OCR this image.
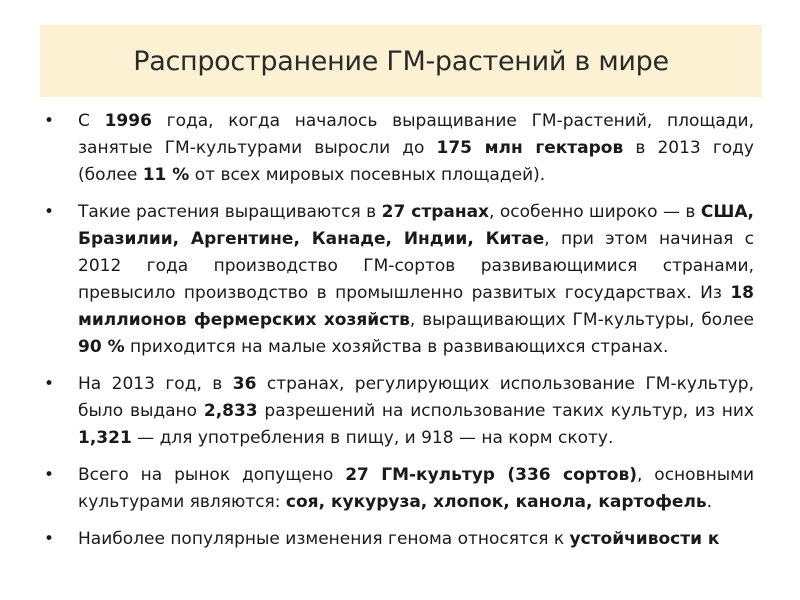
Распространение ГМ-растений в мире
• С 1996 года, когда началось выращивание ГМ-растений, площади, занятые ГМ-культурами выросли до 175 млн гектаров в 2013 году (более 11 % от всех мировых посевных площадей).
• Такие растения выращиваются в 27 странах, особенно широко — в США, Бразилии, Аргентине, Канаде, Индии, Китае, при этом начиная с 2012 года производство ГМ-сортов развивающимися странами, превысило производство в промышленно развитых государствах. Из 18 миллионов фермерских хозяйств, выращивающих ГМ-культуры, более 90 % приходится на малые хозяйства в развивающихся странах.
• На 2013 год, в 36 странах, регулирующих использование ГМ-культур, было выдано 2,833 разрешений на использование таких культур, из них 1,321 — для употребления в пищу, и 918 — на корм скоту.
• Всего на рынок допущено 27 ГМ-культур (336 сортов), основными культурами являются: соя, кукуруза, хлопок, канола, картофель.
• Наиболее популярные изменения генома относятся к устойчивости к
